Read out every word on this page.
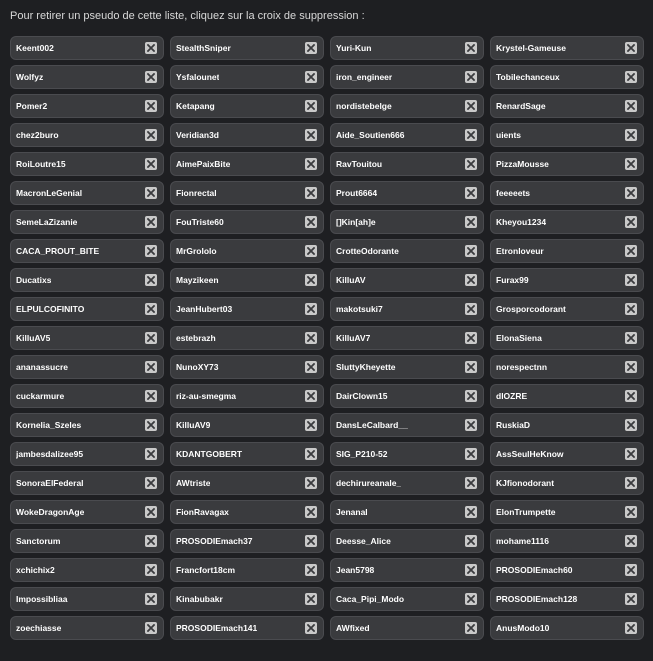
Pour retirer un pseudo de cette liste, cliquez sur la croix de suppression :
Keent002	StealthSniper	Yuri-Kun	Krystel-Gameuse
Wolfyz	Ysfalounet	iron_engineer	Tobilechanceux
Pomer2	Ketapang	nordistebelge	RenardSage
chez2buro	Veridian3d	Aide_Soutien666	uients
RoiLoutre15	AimePaixBite	RavTouitou	PizzaMousse
MacronLeGenial	Fionrectal	Prout6664	feeeeets
SemeLaZizanie	FouTriste60	[]Kin[ah]e	Kheyou1234
CACA_PROUT_BITE	MrGrololo	CrotteOdorante	Etronloveur
Ducatixs	Mayzikeen	KilluAV	Furax99
ELPULCOFINITO	JeanHubert03	makotsuki7	Grosporcodorant
KilluAV5	estebrazh	KilluAV7	ElonaSiena
ananassucre	NunoXY73	SluttyKheyette	norespectnn
cuckarmure	riz-au-smegma	DairClown15	dlOZRE
Kornelia_Szeles	KilluAV9	DansLeCalbard__	RuskiaD
jambesdalizee95	KDANTGOBERT	SIG_P210-52	AssSeulHeKnow
SonoraElFederal	AWtriste	dechirureanale_	KJfionodorant
WokeDragonAge	FionRavagax	Jenanal	ElonTrumpette
Sanctorum	PROSODIEmach37	Deesse_Alice	mohame1116
xchichix2	Francfort18cm	Jean5798	PROSODIEmach60
Impossibliaa	Kinabubakr	Caca_Pipi_Modo	PROSODIEmach128
zoechiasse	PROSODIEmach141	AWfixed	AnusModo10
